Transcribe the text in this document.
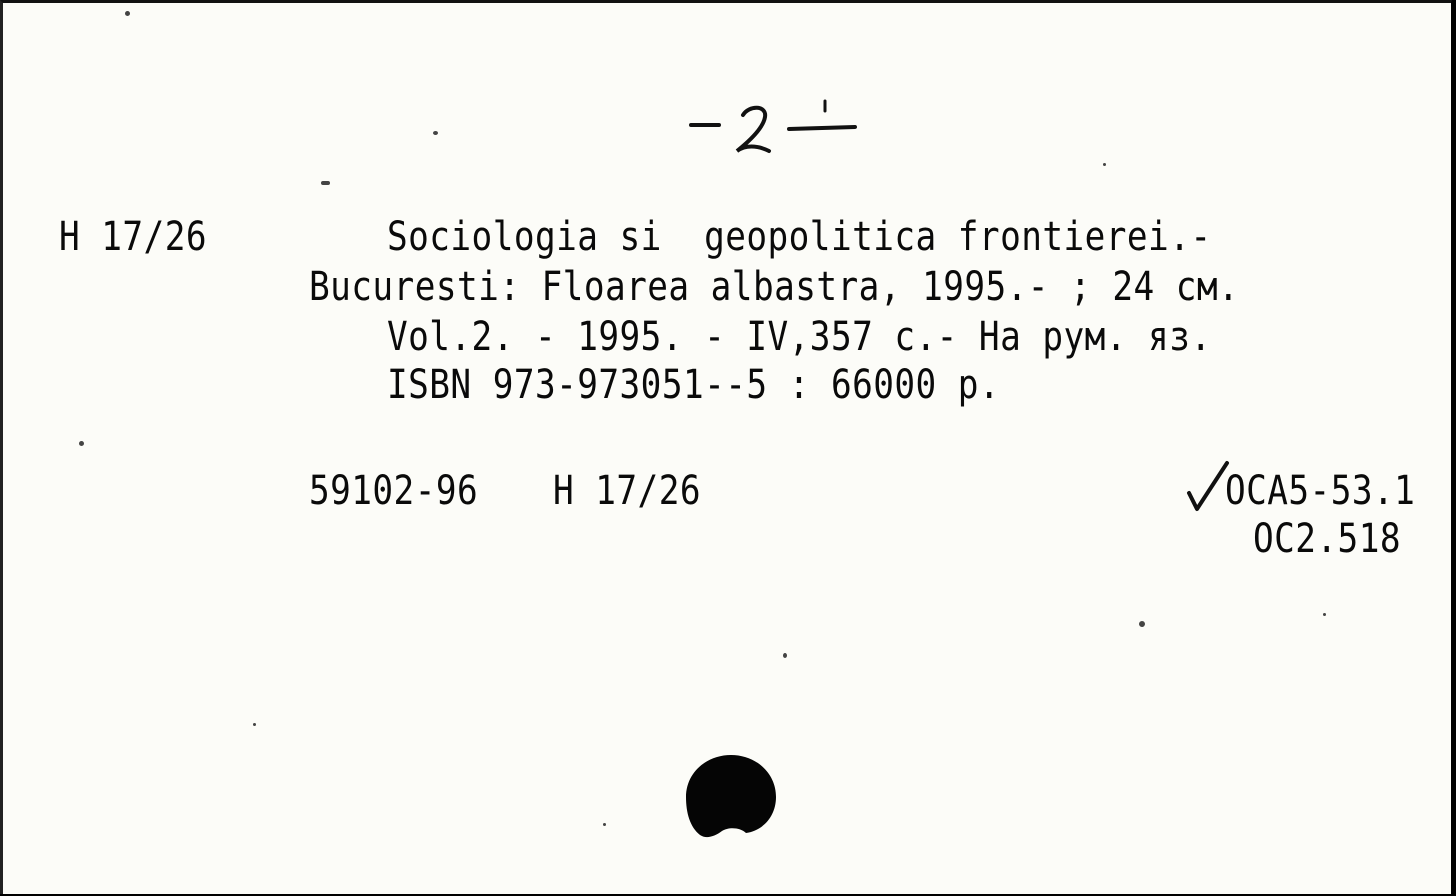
-2-
H 17/26	Sociologia si  geopolitica frontierei.-
Bucuresti: Floarea albastra, 1995.- ; 24 см.
Vol.2. - 1995. - IV,357 с.- На рум. яз.
ISBN 973-973051--5 : 66000 р.
59102-96 H 17/26	OCA5-53.1
OC2.518
